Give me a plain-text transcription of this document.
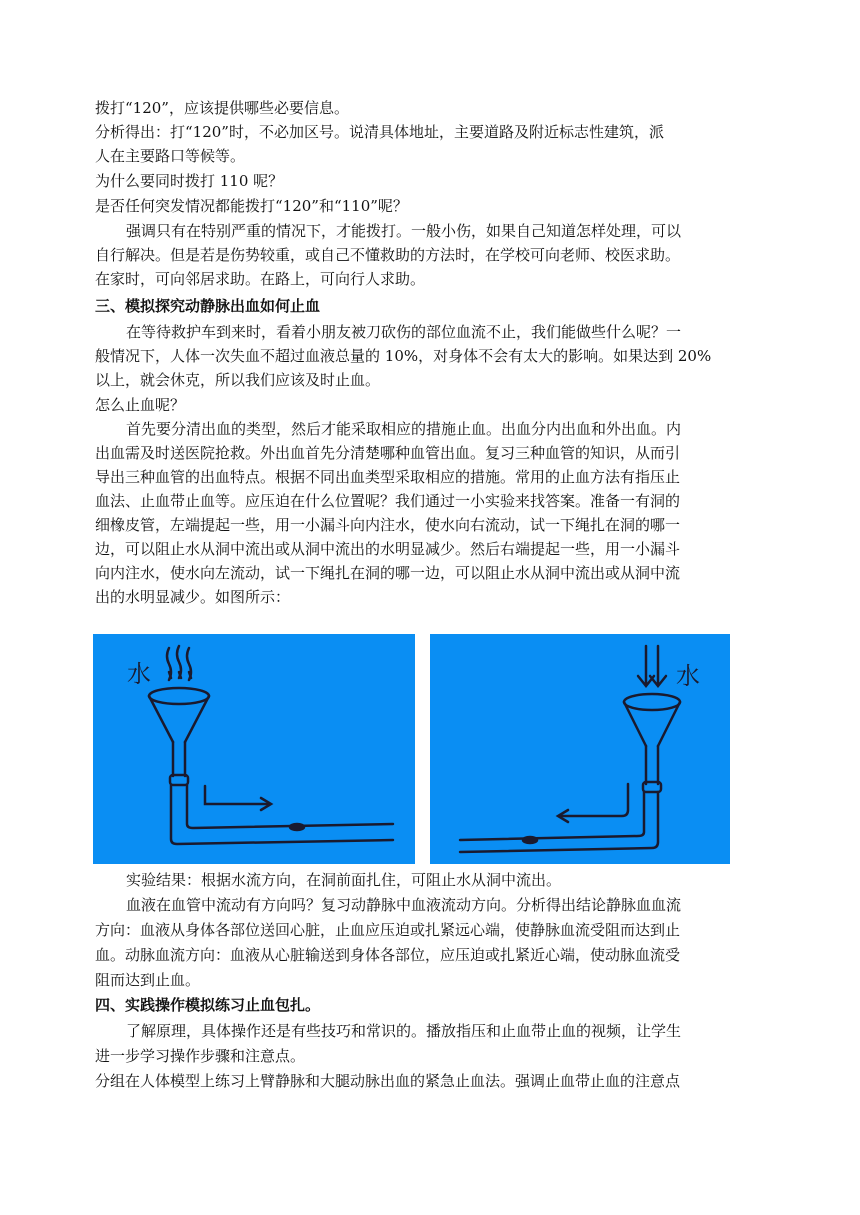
拨打“120”，应该提供哪些必要信息。
分析得出：打“120”时，不必加区号。说清具体地址，主要道路及附近标志性建筑，派
人在主要路口等候等。
为什么要同时拨打 110 呢？
是否任何突发情况都能拨打“120”和“110”呢？
强调只有在特别严重的情况下，才能拨打。一般小伤，如果自己知道怎样处理，可以
自行解决。但是若是伤势较重，或自己不懂救助的方法时，在学校可向老师、校医求助。
在家时，可向邻居求助。在路上，可向行人求助。
三、模拟探究动静脉出血如何止血
在等待救护车到来时，看着小朋友被刀砍伤的部位血流不止，我们能做些什么呢？一
般情况下，人体一次失血不超过血液总量的 10%，对身体不会有太大的影响。如果达到 20%
以上，就会休克，所以我们应该及时止血。
怎么止血呢？
首先要分清出血的类型，然后才能采取相应的措施止血。出血分内出血和外出血。内
出血需及时送医院抢救。外出血首先分清楚哪种血管出血。复习三种血管的知识，从而引
导出三种血管的出血特点。根据不同出血类型采取相应的措施。常用的止血方法有指压止
血法、止血带止血等。应压迫在什么位置呢？我们通过一小实验来找答案。准备一有洞的
细橡皮管，左端提起一些，用一小漏斗向内注水，使水向右流动，试一下绳扎在洞的哪一
边，可以阻止水从洞中流出或从洞中流出的水明显减少。然后右端提起一些，用一小漏斗
向内注水，使水向左流动，试一下绳扎在洞的哪一边，可以阻止水从洞中流出或从洞中流
出的水明显减少。如图所示：
水	水
实验结果：根据水流方向，在洞前面扎住，可阻止水从洞中流出。
血液在血管中流动有方向吗？复习动静脉中血液流动方向。分析得出结论静脉血血流
方向：血液从身体各部位送回心脏，止血应压迫或扎紧远心端，使静脉血流受阻而达到止
血。动脉血流方向：血液从心脏输送到身体各部位，应压迫或扎紧近心端，使动脉血流受
阻而达到止血。
四、实践操作模拟练习止血包扎。
了解原理，具体操作还是有些技巧和常识的。播放指压和止血带止血的视频，让学生
进一步学习操作步骤和注意点。
分组在人体模型上练习上臂静脉和大腿动脉出血的紧急止血法。强调止血带止血的注意点
